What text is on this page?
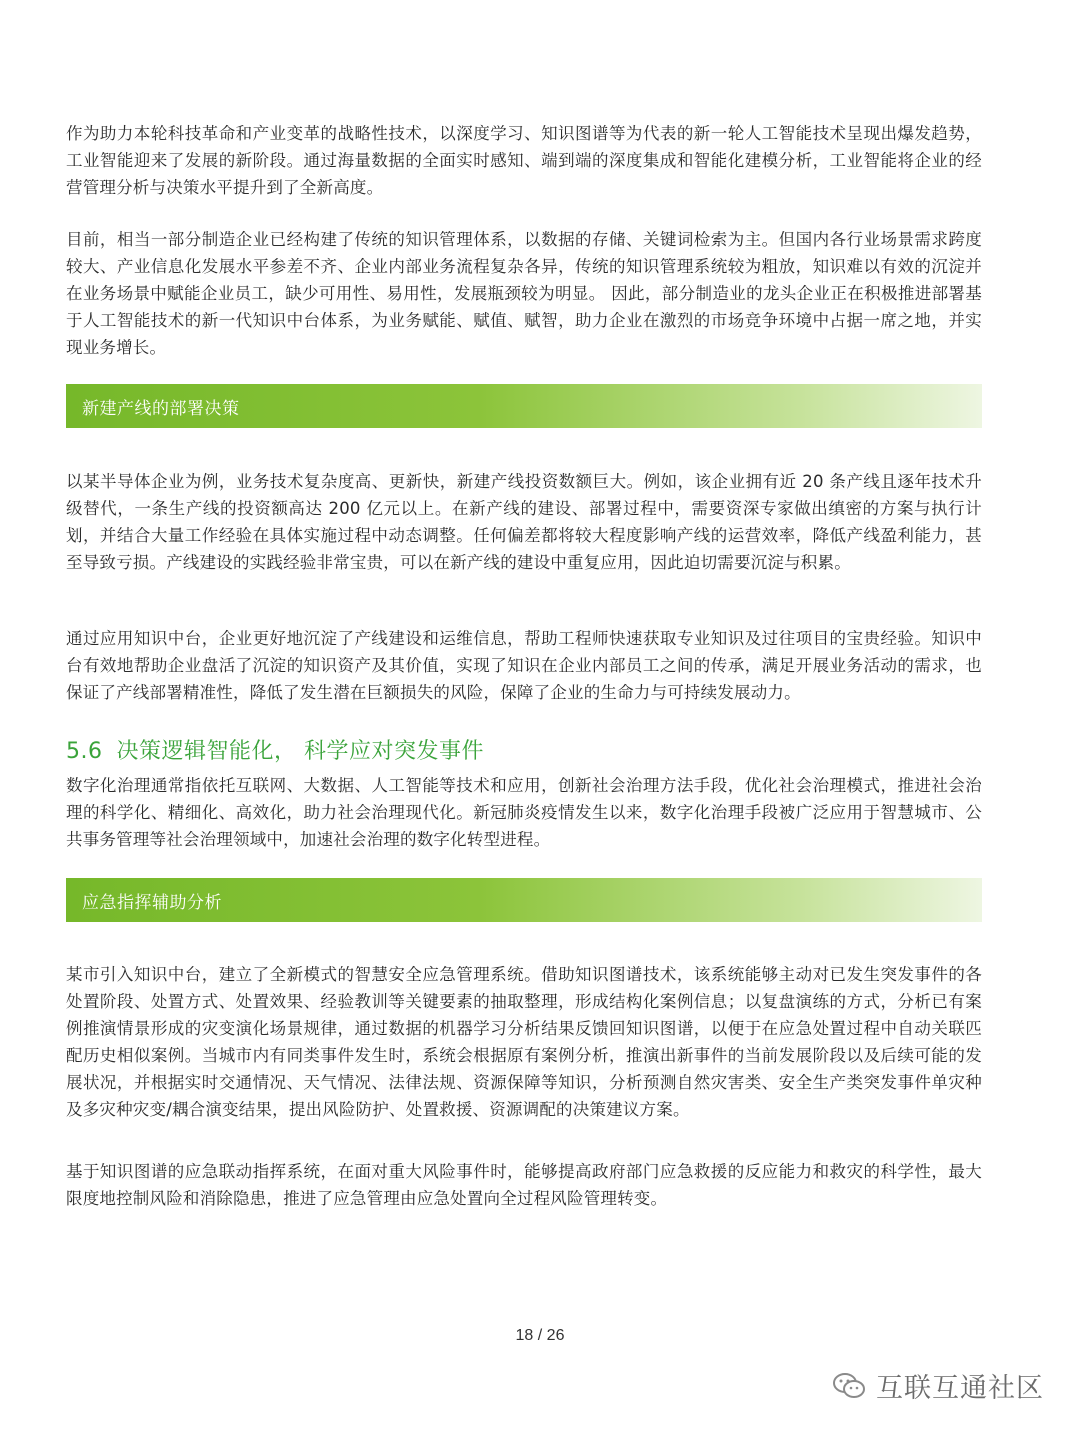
作为助力本轮科技革命和产业变革的战略性技术，以深度学习、知识图谱等为代表的新一轮人工智能技术呈现出爆发趋势，工业智能迎来了发展的新阶段。通过海量数据的全面实时感知、端到端的深度集成和智能化建模分析，工业智能将企业的经营管理分析与决策水平提升到了全新高度。

目前，相当一部分制造企业已经构建了传统的知识管理体系，以数据的存储、关键词检索为主。但国内各行业场景需求跨度较大、产业信息化发展水平参差不齐、企业内部业务流程复杂各异，传统的知识管理系统较为粗放，知识难以有效的沉淀并在业务场景中赋能企业员工，缺少可用性、易用性，发展瓶颈较为明显。 因此，部分制造业的龙头企业正在积极推进部署基于人工智能技术的新一代知识中台体系，为业务赋能、赋值、赋智，助力企业在激烈的市场竞争环境中占据一席之地，并实现业务增长。

新建产线的部署决策

以某半导体企业为例，业务技术复杂度高、更新快，新建产线投资数额巨大。例如，该企业拥有近 20 条产线且逐年技术升级替代，一条生产线的投资额高达 200 亿元以上。在新产线的建设、部署过程中，需要资深专家做出缜密的方案与执行计划，并结合大量工作经验在具体实施过程中动态调整。任何偏差都将较大程度影响产线的运营效率，降低产线盈利能力，甚至导致亏损。产线建设的实践经验非常宝贵，可以在新产线的建设中重复应用，因此迫切需要沉淀与积累。

通过应用知识中台，企业更好地沉淀了产线建设和运维信息，帮助工程师快速获取专业知识及过往项目的宝贵经验。知识中台有效地帮助企业盘活了沉淀的知识资产及其价值，实现了知识在企业内部员工之间的传承，满足开展业务活动的需求，也保证了产线部署精准性，降低了发生潜在巨额损失的风险，保障了企业的生命力与可持续发展动力。

5.6 决策逻辑智能化， 科学应对突发事件

数字化治理通常指依托互联网、大数据、人工智能等技术和应用，创新社会治理方法手段，优化社会治理模式，推进社会治理的科学化、精细化、高效化，助力社会治理现代化。新冠肺炎疫情发生以来，数字化治理手段被广泛应用于智慧城市、公共事务管理等社会治理领域中，加速社会治理的数字化转型进程。

应急指挥辅助分析

某市引入知识中台，建立了全新模式的智慧安全应急管理系统。借助知识图谱技术，该系统能够主动对已发生突发事件的各处置阶段、处置方式、处置效果、经验教训等关键要素的抽取整理，形成结构化案例信息；以复盘演练的方式，分析已有案例推演情景形成的灾变演化场景规律，通过数据的机器学习分析结果反馈回知识图谱，以便于在应急处置过程中自动关联匹配历史相似案例。当城市内有同类事件发生时，系统会根据原有案例分析，推演出新事件的当前发展阶段以及后续可能的发展状况，并根据实时交通情况、天气情况、法律法规、资源保障等知识，分析预测自然灾害类、安全生产类突发事件单灾种及多灾种灾变/耦合演变结果，提出风险防护、处置救援、资源调配的决策建议方案。

基于知识图谱的应急联动指挥系统，在面对重大风险事件时，能够提高政府部门应急救援的反应能力和救灾的科学性，最大限度地控制风险和消除隐患，推进了应急管理由应急处置向全过程风险管理转变。

18 / 26
互联互通社区
